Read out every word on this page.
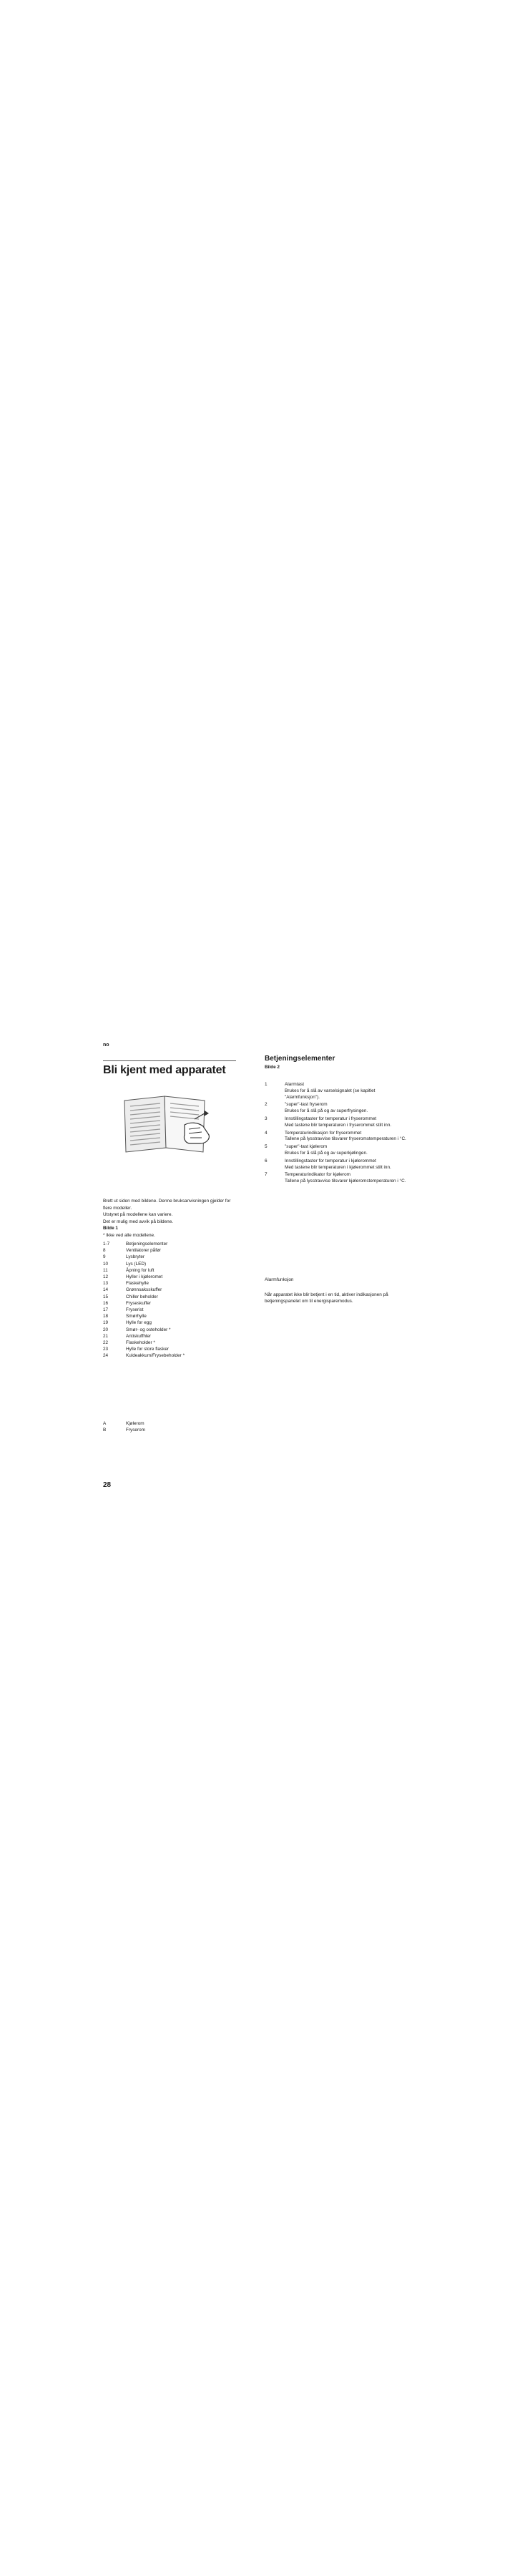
no
Bli kjent med apparatet

Brett ut siden med bildene. Denne bruksanvisningen gjelder for flere modeller.

Utstyret på modellene kan variere.

Det er mulig med avvik på bildene.

Bilde 1

* Ikke ved alle modellene.

1-7	Betjeningselementer
8	Ventilatorer påfør
9	Lysbryter
10	Lys (LED)
11	Åpning for luft
12	Hyller i kjøleromet
13	Flaskehylle
14	Grønnsaksskuffer
15	Chiller beholder
16	Fryseskuffer
17	Fryserist
18	Smørhylle
19	Hylle for egg
20	Smør- og osteholder *
21	Antiskuffhler
22	Flaskeholder *
23	Hylle for store flasker
24	Kuldeakkum/Frysebeholder *
A	Kjølerom
B	Fryserom
28
Betjeningselementer
Bilde 2
1	Alarmtast
Brukes for å slå av varselsignalet (se kapitlet "Alarmfunksjon").
2	"super"-tast fryserom
Brukes for å slå på og av superfrysingen.
3	Innstillingstaster for temperatur i fryserommet
Med tastene blir temperaturen i fryserommet stilt inn.
4	Temperaturindikasjon for fryserommet
Tallene på lysstravvise tilsvarer fryseromstemperaturen i °C.
5	"super"-tast kjølerom
Brukes for å slå på og av superkjølingen.
6	Innstillingstaster for temperatur i kjølerommet
Med tastene blir temperaturen i kjølerommet stilt inn.
7	Temperaturindikator for kjølerom
Tallene på lysstravvise tilsvarer kjøleromstemperaturen i °C.
Alarmfunksjon
Når apparatet ikke blir betjent i en tid, aktiver indikasjonen på betjeningspanelet om til energisparemodus.
